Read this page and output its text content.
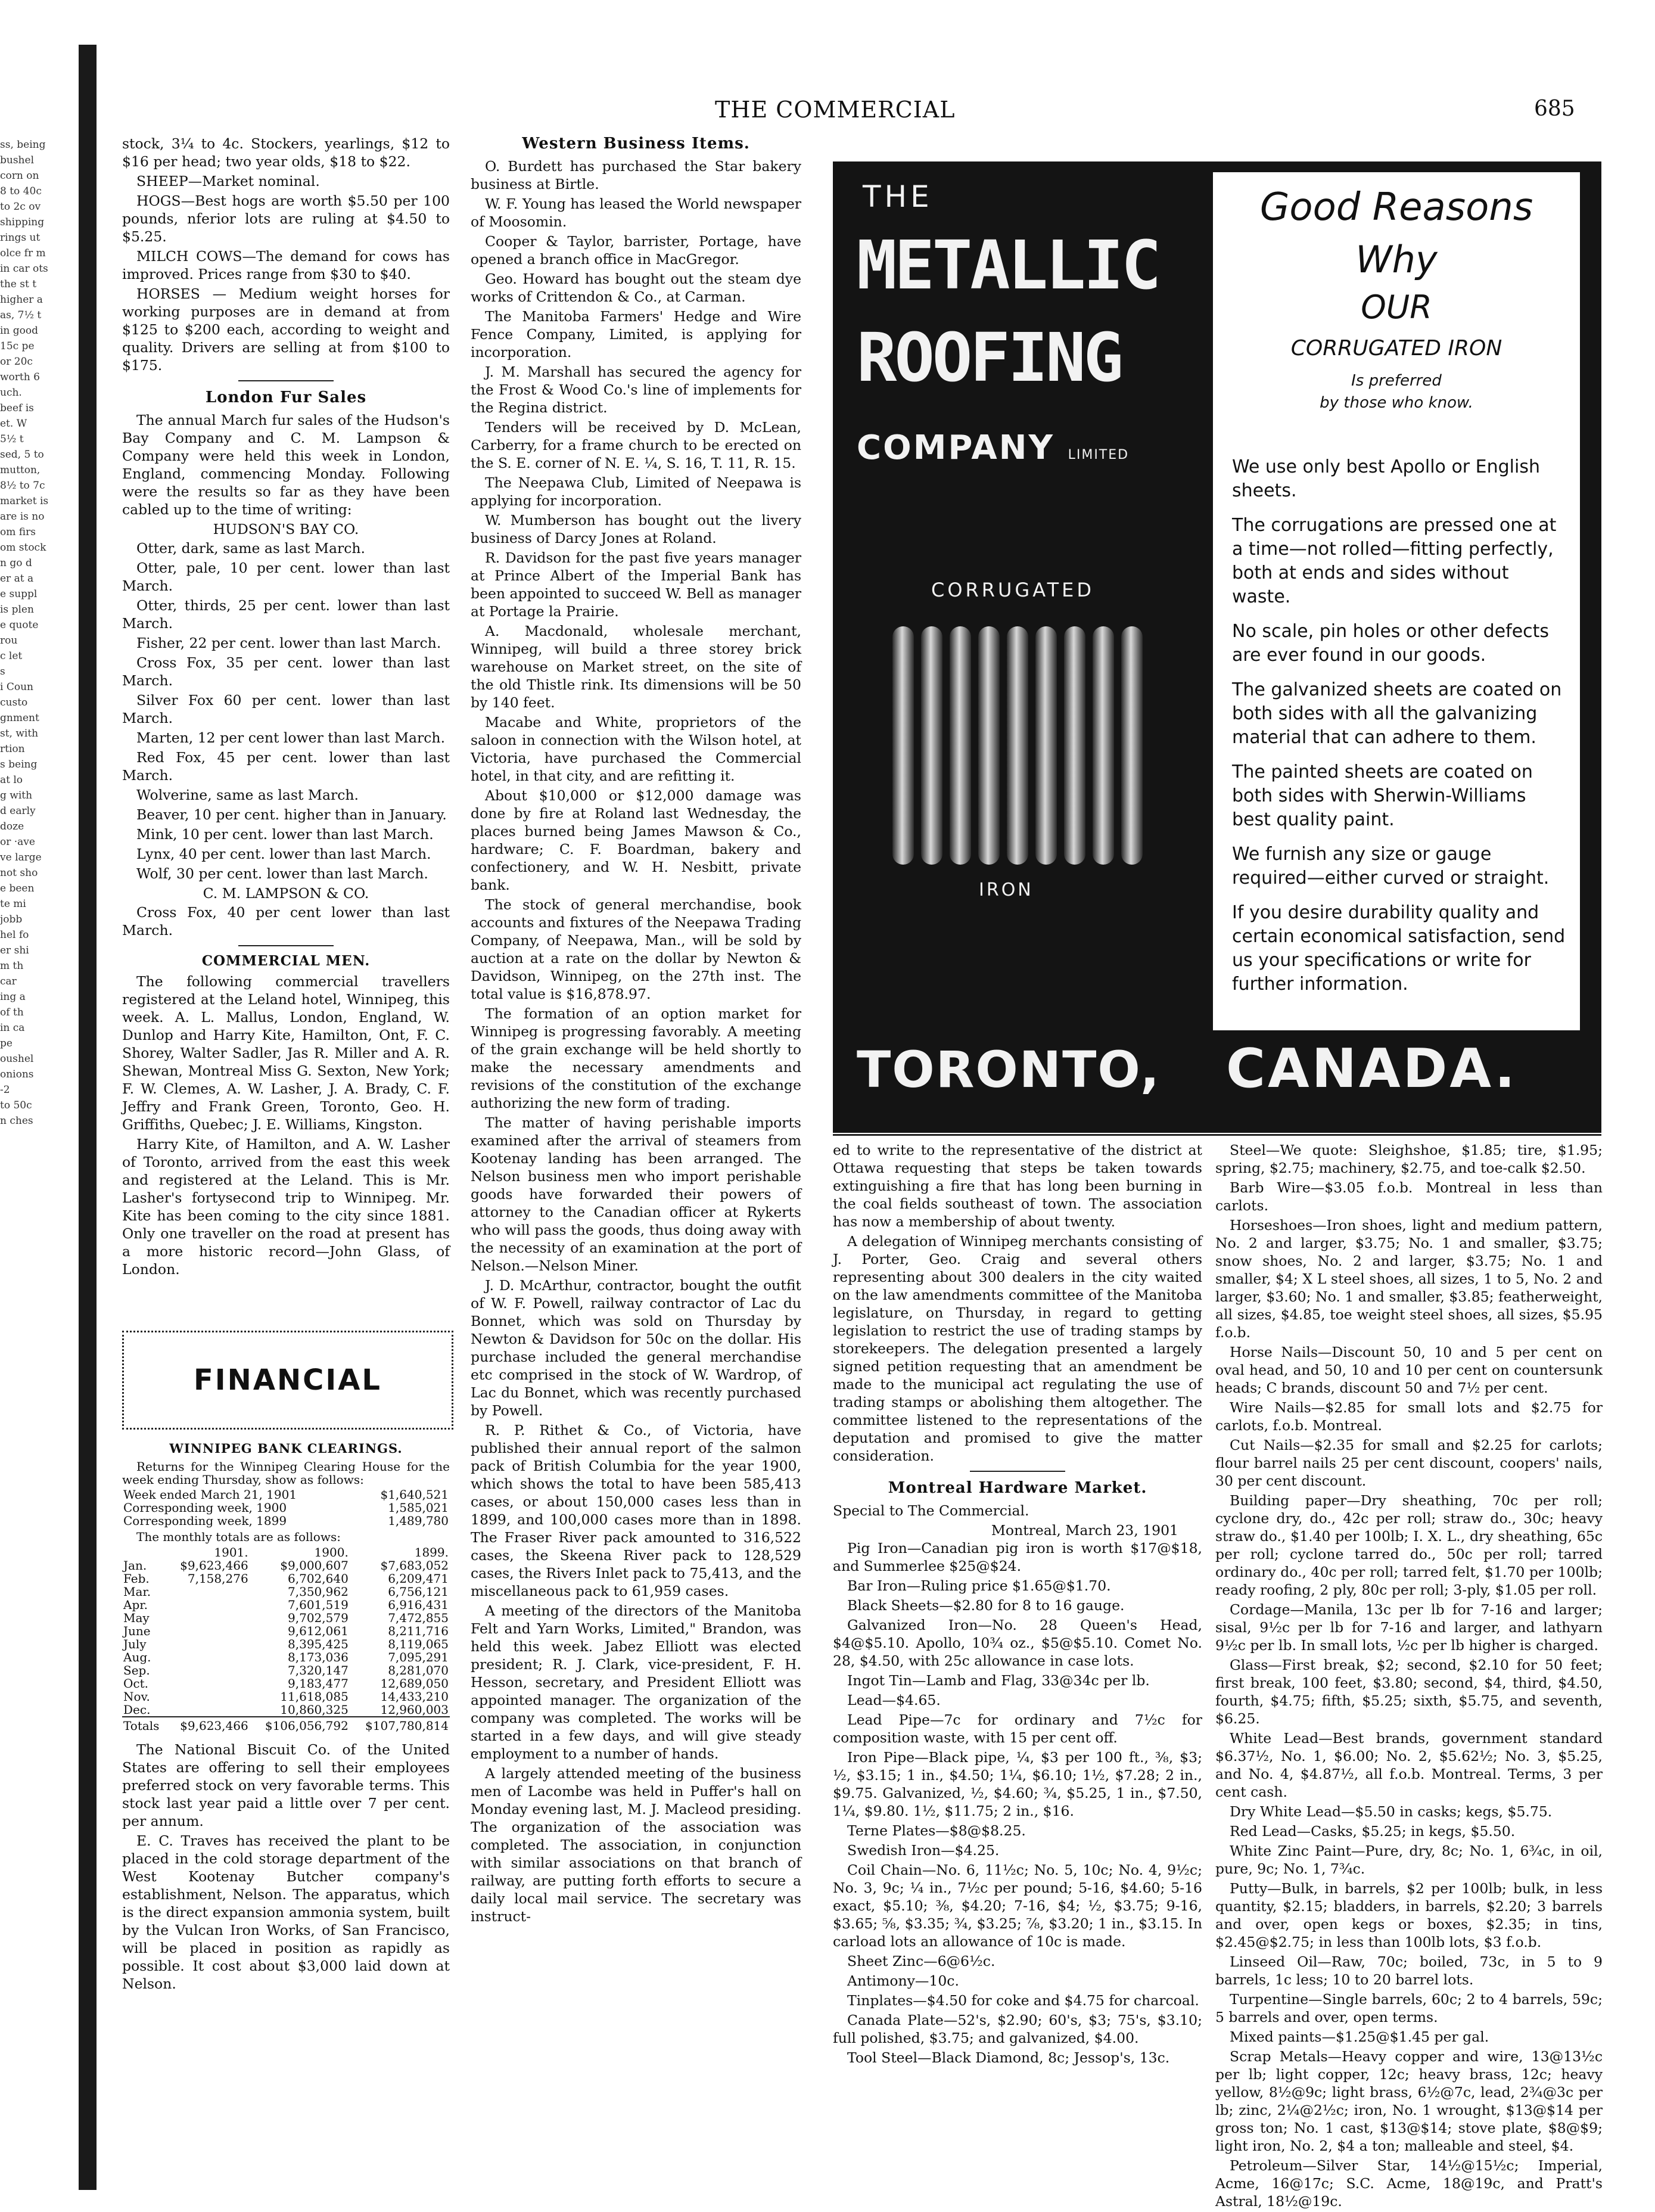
ss, being
bushel
corn on
8 to 40c
to 2c ov
shipping
rings ut
olce fr m
in car ots
the st t
higher a
as, 7½ t
in good
15c pe
or 20c
worth 6
uch.
beef is
et. W
5½ t
sed, 5 to
mutton,
8½ to 7c
market is
are is no
om firs
om stock
n go d
er at a
e suppl
is plen
e quote
rou
c let
s
i Coun
custo
gnment
st, with
rtion
s being
at lo
g with
d early
doze
or ·ave
ve large
not sho
e been
te mi
jobb
hel fo
er shi
m th
car
ing a
of th
in ca
pe
oushel
onions
-2
to 50c
n ches
THE COMMERCIAL	685

stock, 3¼ to 4c. Stockers, yearlings, $12 to $16 per head; two year olds, $18 to $22.

SHEEP—Market nominal.

HOGS—Best hogs are worth $5.50 per 100 pounds, nferior lots are ruling at $4.50 to $5.25.

MILCH COWS—The demand for cows has improved. Prices range from $30 to $40.

HORSES — Medium weight horses for working purposes are in demand at from $125 to $200 each, according to weight and quality. Drivers are selling at from $100 to $175.

London Fur Sales

The annual March fur sales of the Hudson's Bay Company and C. M. Lampson & Company were held this week in London, England, commencing Monday. Following were the results so far as they have been cabled up to the time of writing:

HUDSON'S BAY CO.

Otter, dark, same as last March.

Otter, pale, 10 per cent. lower than last March.

Otter, thirds, 25 per cent. lower than last March.

Fisher, 22 per cent. lower than last March.

Cross Fox, 35 per cent. lower than last March.

Silver Fox 60 per cent. lower than last March.

Marten, 12 per cent lower than last March.

Red Fox, 45 per cent. lower than last March.

Wolverine, same as last March.

Beaver, 10 per cent. higher than in January.

Mink, 10 per cent. lower than last March.

Lynx, 40 per cent. lower than last March.

Wolf, 30 per cent. lower than last March.

C. M. LAMPSON & CO.

Cross Fox, 40 per cent lower than last March.

COMMERCIAL MEN.

The following commercial travellers registered at the Leland hotel, Winnipeg, this week. A. L. Mallus, London, England, W. Dunlop and Harry Kite, Hamilton, Ont, F. C. Shorey, Walter Sadler, Jas R. Miller and A. R. Shewan, Montreal Miss G. Sexton, New York; F. W. Clemes, A. W. Lasher, J. A. Brady, C. F. Jeffry and Frank Green, Toronto, Geo. H. Griffiths, Quebec; J. E. Williams, Kingston.

Harry Kite, of Hamilton, and A. W. Lasher of Toronto, arrived from the east this week and registered at the Leland. This is Mr. Lasher's fortysecond trip to Winnipeg. Mr. Kite has been coming to the city since 1881. Only one traveller on the road at present has a more historic record—John Glass, of London.

FINANCIAL
WINNIPEG BANK CLEARINGS.

Returns for the Winnipeg Clearing House for the week ending Thursday, show as follows:

Week ended March 21, 1901	$1,640,521
Corresponding week, 1900	1,585,021
Corresponding week, 1899	1,489,780

The monthly totals are as follows:

	1901.	1900.	1899.
Jan.	$9,623,466	$9,000,607	$7,683,052
Feb.	7,158,276	6,702,640	6,209,471
Mar.		7,350,962	6,756,121
Apr.		7,601,519	6,916,431
May		9,702,579	7,472,855
June		9,612,061	8,211,716
July		8,395,425	8,119,065
Aug.		8,173,036	7,095,291
Sep.		7,320,147	8,281,070
Oct.		9,183,477	12,689,050
Nov.		11,618,085	14,433,210
Dec.		10,860,325	12,960,003
Totals	$9,623,466	$106,056,792	$107,780,814

The National Biscuit Co. of the United States are offering to sell their employees preferred stock on very favorable terms. This stock last year paid a little over 7 per cent. per annum.

E. C. Traves has received the plant to be placed in the cold storage department of the West Kootenay Butcher company's establishment, Nelson. The apparatus, which is the direct expansion ammonia system, built by the Vulcan Iron Works, of San Francisco, will be placed in position as rapidly as possible. It cost about $3,000 laid down at Nelson.

Western Business Items.

O. Burdett has purchased the Star bakery business at Birtle.

W. F. Young has leased the World newspaper of Moosomin.

Cooper & Taylor, barrister, Portage, have opened a branch office in MacGregor.

Geo. Howard has bought out the steam dye works of Crittendon & Co., at Carman.

The Manitoba Farmers' Hedge and Wire Fence Company, Limited, is applying for incorporation.

J. M. Marshall has secured the agency for the Frost & Wood Co.'s line of implements for the Regina district.

Tenders will be received by D. McLean, Carberry, for a frame church to be erected on the S. E. corner of N. E. ¼, S. 16, T. 11, R. 15.

The Neepawa Club, Limited of Neepawa is applying for incorporation.

W. Mumberson has bought out the livery business of Darcy Jones at Roland.

R. Davidson for the past five years manager at Prince Albert of the Imperial Bank has been appointed to succeed W. Bell as manager at Portage la Prairie.

A. Macdonald, wholesale merchant, Winnipeg, will build a three storey brick warehouse on Market street, on the site of the old Thistle rink. Its dimensions will be 50 by 140 feet.

Macabe and White, proprietors of the saloon in connection with the Wilson hotel, at Victoria, have purchased the Commercial hotel, in that city, and are refitting it.

About $10,000 or $12,000 damage was done by fire at Roland last Wednesday, the places burned being James Mawson & Co., hardware; C. F. Boardman, bakery and confectionery, and W. H. Nesbitt, private bank.

The stock of general merchandise, book accounts and fixtures of the Neepawa Trading Company, of Neepawa, Man., will be sold by auction at a rate on the dollar by Newton & Davidson, Winnipeg, on the 27th inst. The total value is $16,878.97.

The formation of an option market for Winnipeg is progressing favorably. A meeting of the grain exchange will be held shortly to make the necessary amendments and revisions of the constitution of the exchange authorizing the new form of trading.

The matter of having perishable imports examined after the arrival of steamers from Kootenay landing has been arranged. The Nelson business men who import perishable goods have forwarded their powers of attorney to the Canadian officer at Rykerts who will pass the goods, thus doing away with the necessity of an examination at the port of Nelson.—Nelson Miner.

J. D. McArthur, contractor, bought the outfit of W. F. Powell, railway contractor of Lac du Bonnet, which was sold on Thursday by Newton & Davidson for 50c on the dollar. His purchase included the general merchandise etc comprised in the stock of W. Wardrop, of Lac du Bonnet, which was recently purchased by Powell.

R. P. Rithet & Co., of Victoria, have published their annual report of the salmon pack of British Columbia for the year 1900, which shows the total to have been 585,413 cases, or about 150,000 cases less than in 1899, and 100,000 cases more than in 1898. The Fraser River pack amounted to 316,522 cases, the Skeena River pack to 128,529 cases, the Rivers Inlet pack to 75,413, and the miscellaneous pack to 61,959 cases.

A meeting of the directors of the Manitoba Felt and Yarn Works, Limited," Brandon, was held this week. Jabez Elliott was elected president; R. J. Clark, vice-president, F. H. Hesson, secretary, and President Elliott was appointed manager. The organization of the company was completed. The works will be started in a few days, and will give steady employment to a number of hands.

A largely attended meeting of the business men of Lacombe was held in Puffer's hall on Monday evening last, M. J. Macleod presiding. The organization of the association was completed. The association, in conjunction with similar associations on that branch of railway, are putting forth efforts to secure a daily local mail service. The secretary was instruct-

THE
METALLIC
ROOFING
COMPANY LIMITED
CORRUGATED
IRON
TORONTO,
Good Reasons
Why
OUR
CORRUGATED IRON
Is preferred
by those who know.

We use only best Apollo or English sheets.

The corrugations are pressed one at a time—not rolled—fitting perfectly, both at ends and sides without waste.

No scale, pin holes or other defects are ever found in our goods.

The galvanized sheets are coated on both sides with all the galvanizing material that can adhere to them.

The painted sheets are coated on both sides with Sherwin-Williams best quality paint.

We furnish any size or gauge required—either curved or straight.

If you desire durability quality and certain economical satisfaction, send us your specifications or write for further information.

CANADA.

ed to write to the representative of the district at Ottawa requesting that steps be taken towards extinguishing a fire that has long been burning in the coal fields southeast of town. The association has now a membership of about twenty.

A delegation of Winnipeg merchants consisting of J. Porter, Geo. Craig and several others representing about 300 dealers in the city waited on the law amendments committee of the Manitoba legislature, on Thursday, in regard to getting legislation to restrict the use of trading stamps by storekeepers. The delegation presented a largely signed petition requesting that an amendment be made to the municipal act regulating the use of trading stamps or abolishing them altogether. The committee listened to the representations of the deputation and promised to give the matter consideration.

Montreal Hardware Market.

Special to The Commercial.

Montreal, March 23, 1901

Pig Iron—Canadian pig iron is worth $17@$18, and Summerlee $25@$24.

Bar Iron—Ruling price $1.65@$1.70.

Black Sheets—$2.80 for 8 to 16 gauge.

Galvanized Iron—No. 28 Queen's Head, $4@$5.10. Apollo, 10¾ oz., $5@$5.10. Comet No. 28, $4.50, with 25c allowance in case lots.

Ingot Tin—Lamb and Flag, 33@34c per lb.

Lead—$4.65.

Lead Pipe—7c for ordinary and 7½c for composition waste, with 15 per cent off.

Iron Pipe—Black pipe, ¼, $3 per 100 ft., ⅜, $3; ½, $3.15; 1 in., $4.50; 1¼, $6.10; 1½, $7.28; 2 in., $9.75. Galvanized, ½, $4.60; ¾, $5.25, 1 in., $7.50, 1¼, $9.80. 1½, $11.75; 2 in., $16.

Terne Plates—$8@$8.25.

Swedish Iron—$4.25.

Coil Chain—No. 6, 11½c; No. 5, 10c; No. 4, 9½c; No. 3, 9c; ¼ in., 7½c per pound; 5-16, $4.60; 5-16 exact, $5.10; ⅜, $4.20; 7-16, $4; ½, $3.75; 9-16, $3.65; ⅝, $3.35; ¾, $3.25; ⅞, $3.20; 1 in., $3.15. In carload lots an allowance of 10c is made.

Sheet Zinc—6@6½c.

Antimony—10c.

Tinplates—$4.50 for coke and $4.75 for charcoal.

Canada Plate—52's, $2.90; 60's, $3; 75's, $3.10; full polished, $3.75; and galvanized, $4.00.

Tool Steel—Black Diamond, 8c; Jessop's, 13c.

Steel—We quote: Sleighshoe, $1.85; tire, $1.95; spring, $2.75; machinery, $2.75, and toe-calk $2.50.

Barb Wire—$3.05 f.o.b. Montreal in less than carlots.

Horseshoes—Iron shoes, light and medium pattern, No. 2 and larger, $3.75; No. 1 and smaller, $3.75; snow shoes, No. 2 and larger, $3.75; No. 1 and smaller, $4; X L steel shoes, all sizes, 1 to 5, No. 2 and larger, $3.60; No. 1 and smaller, $3.85; featherweight, all sizes, $4.85, toe weight steel shoes, all sizes, $5.95 f.o.b.

Horse Nails—Discount 50, 10 and 5 per cent on oval head, and 50, 10 and 10 per cent on countersunk heads; C brands, discount 50 and 7½ per cent.

Wire Nails—$2.85 for small lots and $2.75 for carlots, f.o.b. Montreal.

Cut Nails—$2.35 for small and $2.25 for carlots; flour barrel nails 25 per cent discount, coopers' nails, 30 per cent discount.

Building paper—Dry sheathing, 70c per roll; cyclone dry, do., 42c per roll; straw do., 30c; heavy straw do., $1.40 per 100lb; I. X. L., dry sheathing, 65c per roll; cyclone tarred do., 50c per roll; tarred ordinary do., 40c per roll; tarred felt, $1.70 per 100lb; ready roofing, 2 ply, 80c per roll; 3-ply, $1.05 per roll.

Cordage—Manila, 13c per lb for 7-16 and larger; sisal, 9½c per lb for 7-16 and larger, and lathyarn 9½c per lb. In small lots, ½c per lb higher is charged.

Glass—First break, $2; second, $2.10 for 50 feet; first break, 100 feet, $3.80; second, $4, third, $4.50, fourth, $4.75; fifth, $5.25; sixth, $5.75, and seventh, $6.25.

White Lead—Best brands, government standard $6.37½, No. 1, $6.00; No. 2, $5.62½; No. 3, $5.25, and No. 4, $4.87½, all f.o.b. Montreal. Terms, 3 per cent cash.

Dry White Lead—$5.50 in casks; kegs, $5.75.

Red Lead—Casks, $5.25; in kegs, $5.50.

White Zinc Paint—Pure, dry, 8c; No. 1, 6¾c, in oil, pure, 9c; No. 1, 7¾c.

Putty—Bulk, in barrels, $2 per 100lb; bulk, in less quantity, $2.15; bladders, in barrels, $2.20; 3 barrels and over, open kegs or boxes, $2.35; in tins, $2.45@$2.75; in less than 100lb lots, $3 f.o.b.

Linseed Oil—Raw, 70c; boiled, 73c, in 5 to 9 barrels, 1c less; 10 to 20 barrel lots.

Turpentine—Single barrels, 60c; 2 to 4 barrels, 59c; 5 barrels and over, open terms.

Mixed paints—$1.25@$1.45 per gal.

Scrap Metals—Heavy copper and wire, 13@13½c per lb; light copper, 12c; heavy brass, 12c; heavy yellow, 8½@9c; light brass, 6½@7c, lead, 2¾@3c per lb; zinc, 2¼@2½c; iron, No. 1 wrought, $13@$14 per gross ton; No. 1 cast, $13@$14; stove plate, $8@$9; light iron, No. 2, $4 a ton; malleable and steel, $4.

Petroleum—Silver Star, 14½@15½c; Imperial, Acme, 16@17c; S.C. Acme, 18@19c, and Pratt's Astral, 18½@19c.
